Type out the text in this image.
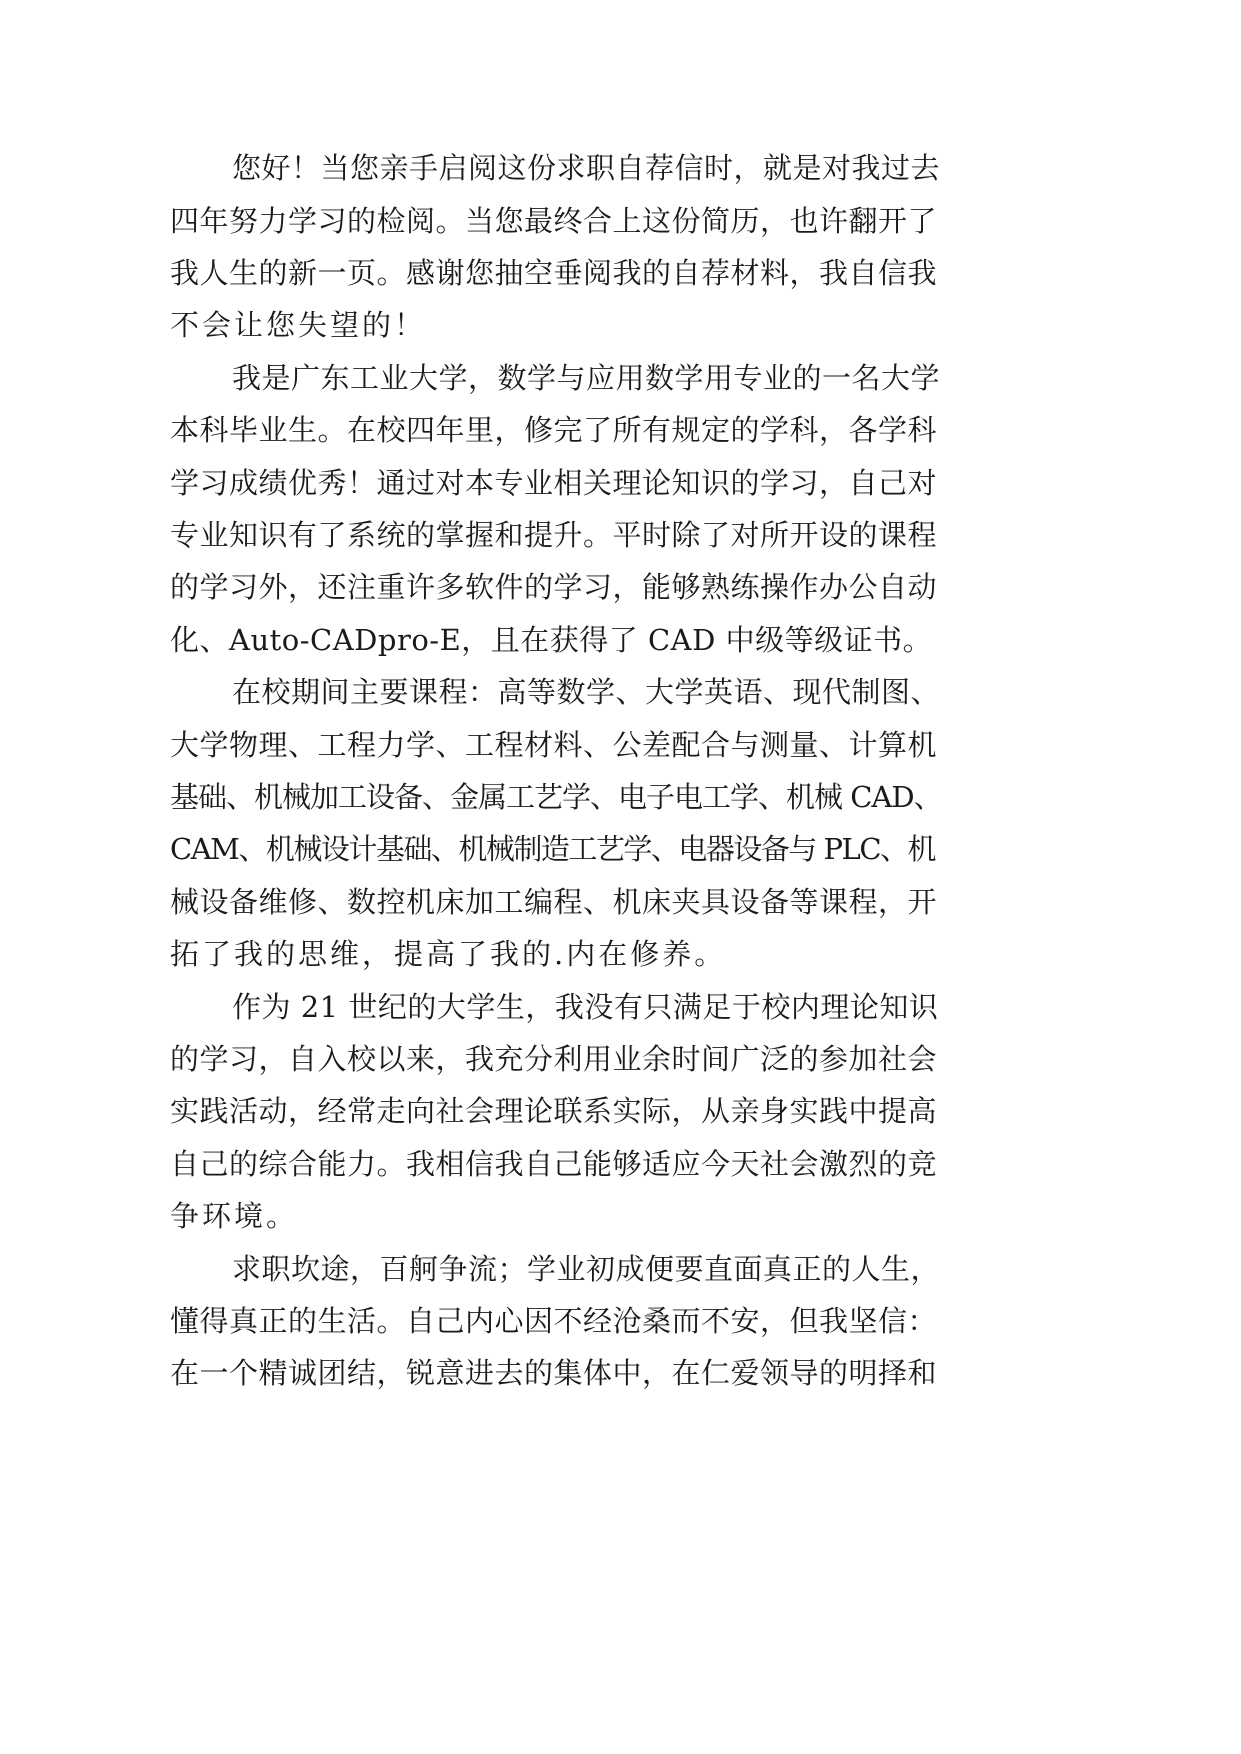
您好！当您亲手启阅这份求职自荐信时，就是对我过去
四年努力学习的检阅。当您最终合上这份简历，也许翻开了
我人生的新一页。感谢您抽空垂阅我的自荐材料，我自信我
不会让您失望的！
我是广东工业大学，数学与应用数学用专业的一名大学
本科毕业生。在校四年里，修完了所有规定的学科，各学科
学习成绩优秀！通过对本专业相关理论知识的学习，自己对
专业知识有了系统的掌握和提升。平时除了对所开设的课程
的学习外，还注重许多软件的学习，能够熟练操作办公自动
化、Auto-CADpro-E，且在获得了 CAD 中级等级证书。
在校期间主要课程：高等数学、大学英语、现代制图、
大学物理、工程力学、工程材料、公差配合与测量、计算机
基础、机械加工设备、金属工艺学、电子电工学、机械 CAD、
CAM、机械设计基础、机械制造工艺学、电器设备与 PLC、机
械设备维修、数控机床加工编程、机床夹具设备等课程，开
拓了我的思维，提高了我的.内在修养。
作为 21 世纪的大学生，我没有只满足于校内理论知识
的学习，自入校以来，我充分利用业余时间广泛的参加社会
实践活动，经常走向社会理论联系实际，从亲身实践中提高
自己的综合能力。我相信我自己能够适应今天社会激烈的竞
争环境。
求职坎途，百舸争流；学业初成便要直面真正的人生，
懂得真正的生活。自己内心因不经沧桑而不安，但我坚信：
在一个精诚团结，锐意进去的集体中，在仁爱领导的明择和
